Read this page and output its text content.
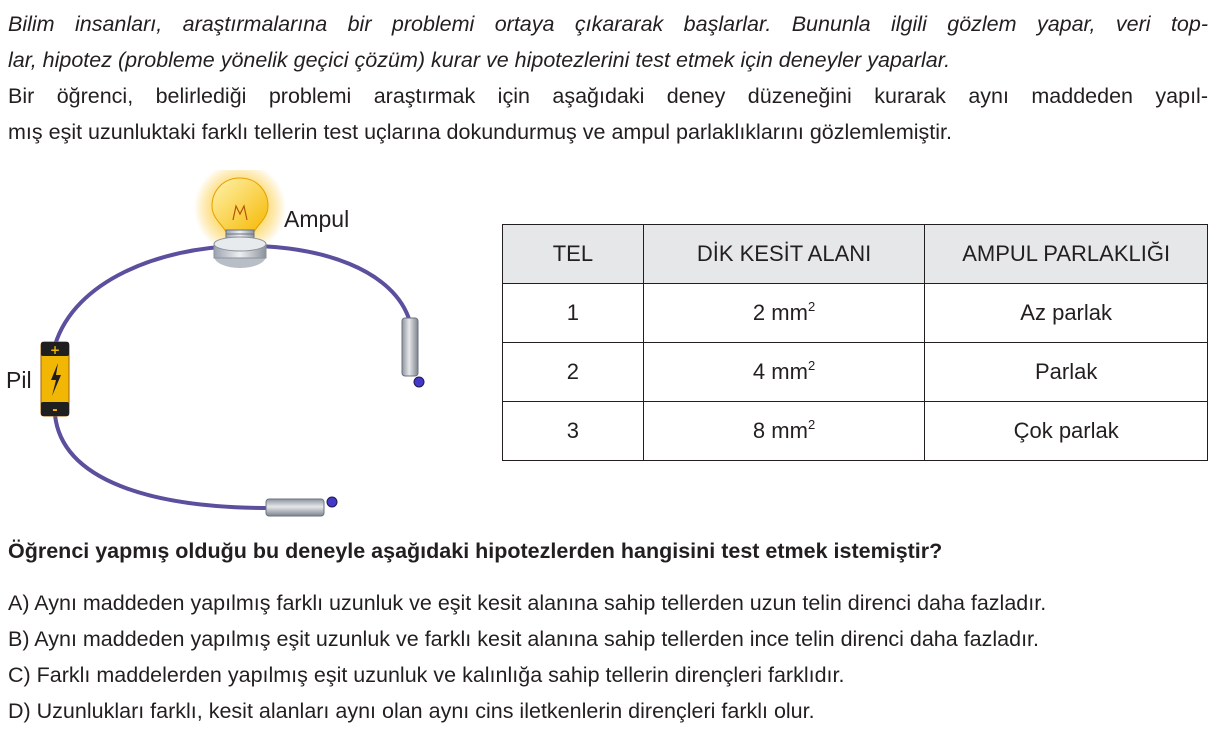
Bilim insanları, araştırmalarına bir problemi ortaya çıkararak başlarlar. Bununla ilgili gözlem yapar, veri top-
lar, hipotez (probleme yönelik geçici çözüm) kurar ve hipotezlerini test etmek için deneyler yaparlar.

Bir öğrenci, belirlediği problemi araştırmak için aşağıdaki deney düzeneğini kurarak aynı maddeden yapıl-
mış eşit uzunluktaki farklı tellerin test uçlarına dokundurmuş ve ampul parlaklıklarını gözlemlemiştir.

+
-
Ampul
Pil
TEL	DİK KESİT ALANI	AMPUL PARLAKLIĞI
1	2 $mm^2$	Az parlak
2	4 $mm^2$	Parlak
3	8 $mm^2$	Çok parlak

Öğrenci yapmış olduğu bu deneyle aşağıdaki hipotezlerden hangisini test etmek istemiştir?

A) Aynı maddeden yapılmış farklı uzunluk ve eşit kesit alanına sahip tellerden uzun telin direnci daha fazladır.
B) Aynı maddeden yapılmış eşit uzunluk ve farklı kesit alanına sahip tellerden ince telin direnci daha fazladır.
C) Farklı maddelerden yapılmış eşit uzunluk ve kalınlığa sahip tellerin dirençleri farklıdır.
D) Uzunlukları farklı, kesit alanları aynı olan aynı cins iletkenlerin dirençleri farklı olur.
